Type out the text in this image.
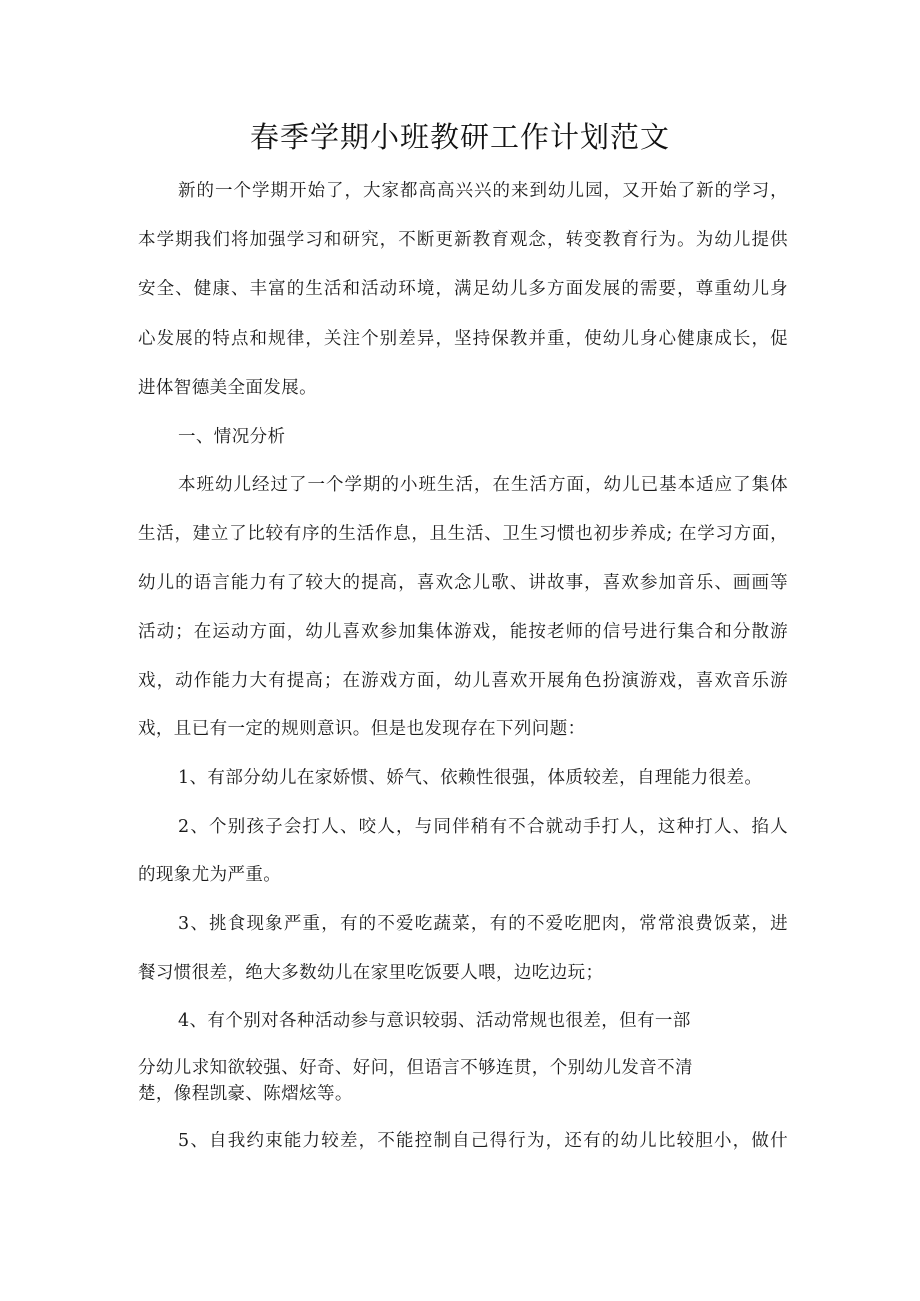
春季学期小班教研工作计划范文
新的一个学期开始了，大家都高高兴兴的来到幼儿园，又开始了新的学习，
本学期我们将加强学习和研究，不断更新教育观念，转变教育行为。为幼儿提供
安全、健康、丰富的生活和活动环境，满足幼儿多方面发展的需要，尊重幼儿身
心发展的特点和规律，关注个别差异，坚持保教并重，使幼儿身心健康成长，促
进体智德美全面发展。
一、情况分析
本班幼儿经过了一个学期的小班生活，在生活方面，幼儿已基本适应了集体
生活，建立了比较有序的生活作息，且生活、卫生习惯也初步养成; 在学习方面，
幼儿的语言能力有了较大的提高，喜欢念儿歌、讲故事，喜欢参加音乐、画画等
活动；在运动方面，幼儿喜欢参加集体游戏，能按老师的信号进行集合和分散游
戏，动作能力大有提高；在游戏方面，幼儿喜欢开展角色扮演游戏，喜欢音乐游
戏，且已有一定的规则意识。但是也发现存在下列问题：
1、有部分幼儿在家娇惯、娇气、依赖性很强，体质较差，自理能力很差。
2、个别孩子会打人、咬人，与同伴稍有不合就动手打人，这种打人、掐人
的现象尤为严重。
3、挑食现象严重，有的不爱吃蔬菜，有的不爱吃肥肉，常常浪费饭菜，进
餐习惯很差，绝大多数幼儿在家里吃饭要人喂，边吃边玩；
4、有个别对各种活动参与意识较弱、活动常规也很差，但有一部
分幼儿求知欲较强、好奇、好问，但语言不够连贯，个别幼儿发音不清
楚，像程凯豪、陈熠炫等。
5、自我约束能力较差，不能控制自己得行为，还有的幼儿比较胆小，做什
